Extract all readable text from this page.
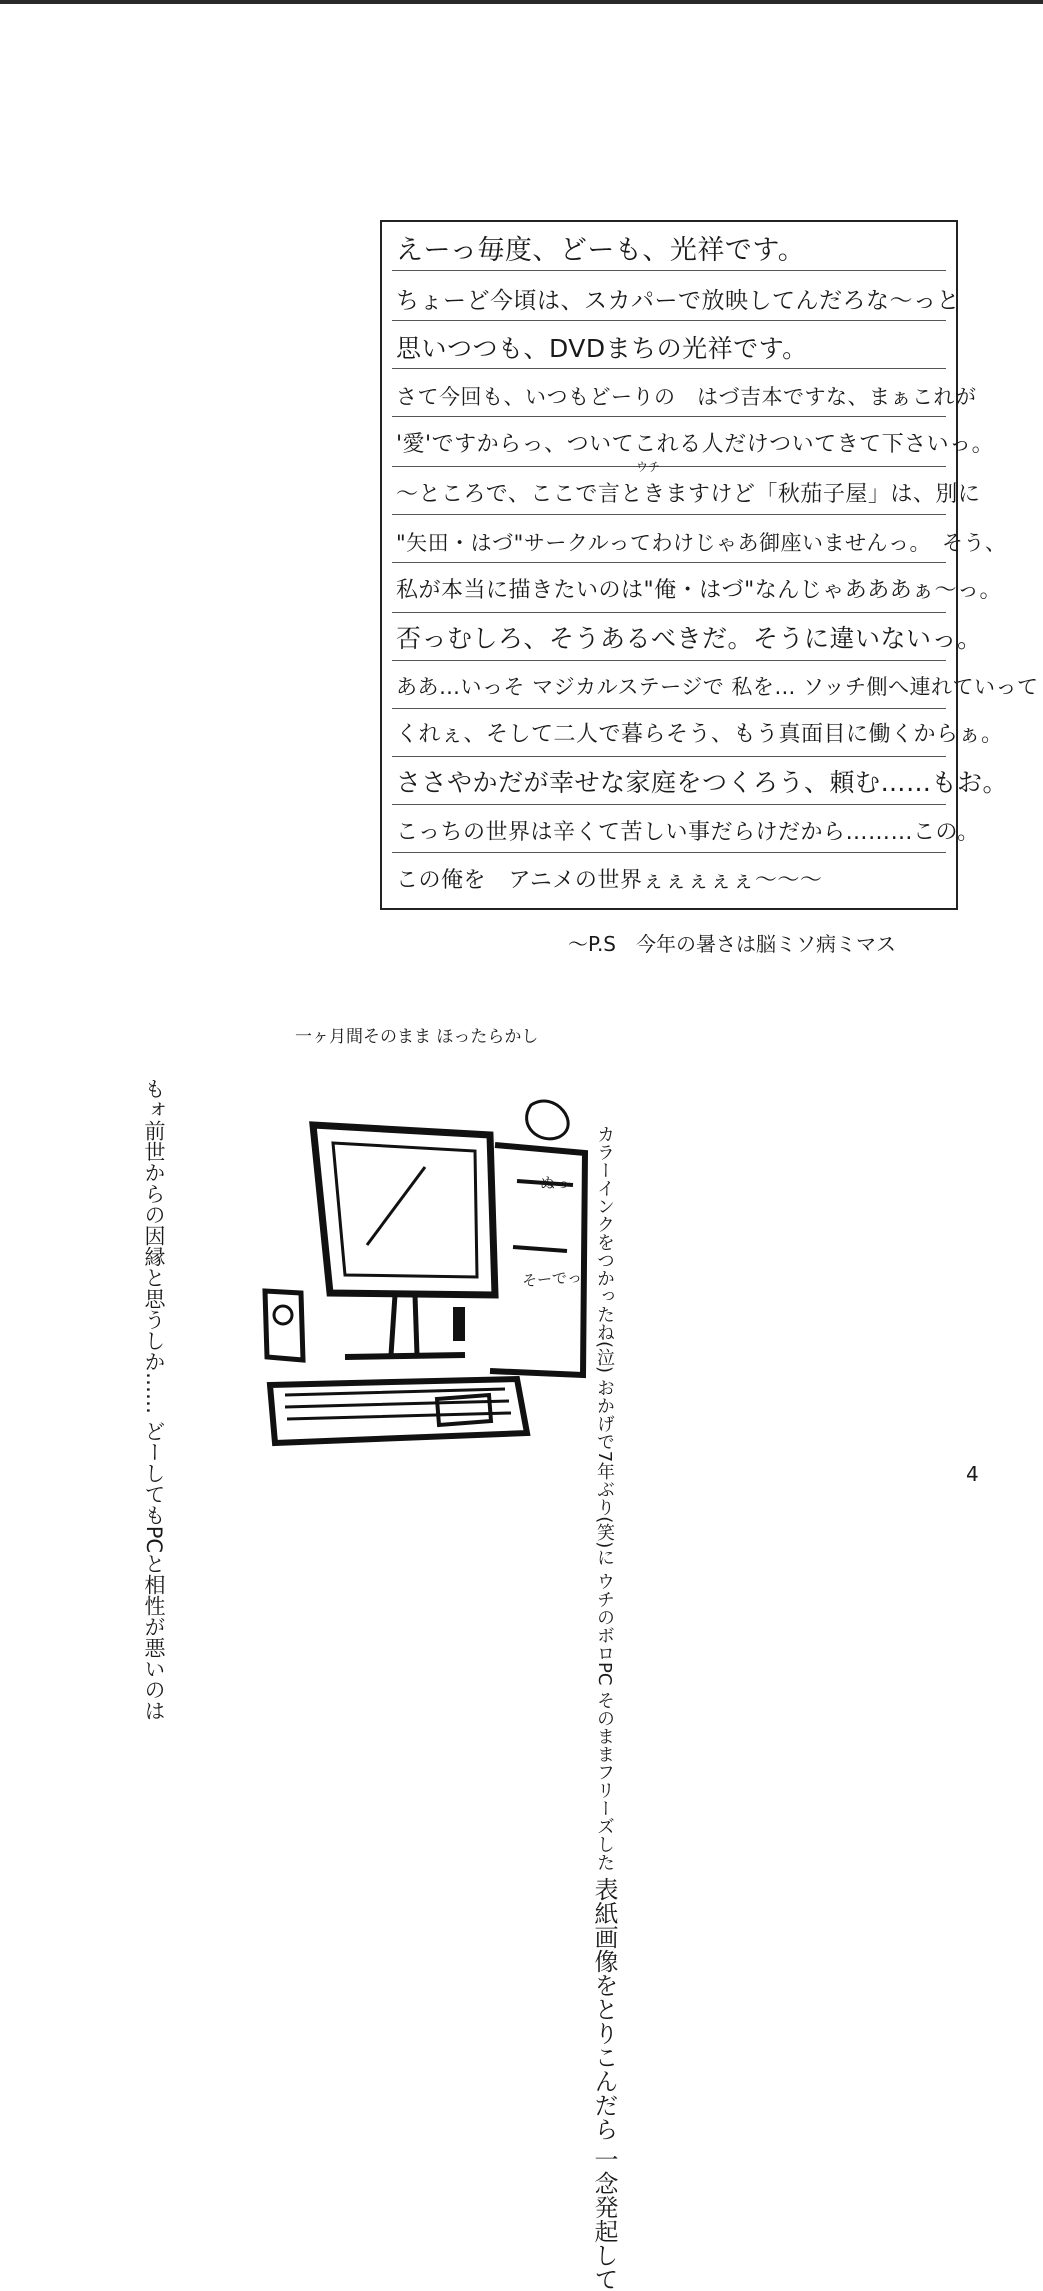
えーっ毎度、どーも、光祥です。
ちょーど今頃は、スカパーで放映してんだろな〜っと
思いつつも、DVDまちの光祥です。
さて今回も、いつもどーりの　はづ吉本ですな、まぁこれが
'愛'ですからっ、ついてこれる人だけついてきて下さいっ。
ウチ
〜ところで、ここで言ときますけど「秋茄子屋」は、別に
"矢田・はづ"サークルってわけじゃあ御座いませんっ。　そう、
私が本当に描きたいのは"俺・はづ"なんじゃあああぁ〜っ。
否っむしろ、そうあるべきだ。そうに違いないっ。
ああ…いっそ マジカルステージで 私を… ソッチ側へ連れていって
くれぇ、そして二人で暮らそう、もう真面目に働くからぁ。
ささやかだが幸せな家庭をつくろう、頼む……もお。
こっちの世界は辛くて苦しい事だらけだから………この。
この俺を　アニメの世界ぇぇぇぇぇ〜〜〜
〜P.S　今年の暑さは脳ミソ病ミマス
一ヶ月間そのまま ほったらかし
もォ前世からの因縁と思うしか…… どーしてもPCと相性が悪いのは
カラーインクをつかったね(泣) おかげで7年ぶり(笑)に ウチのボロPC そのままフリーズした 表紙画像をとりこんだら 一念発起して
ぬっ
そーでっ
4
